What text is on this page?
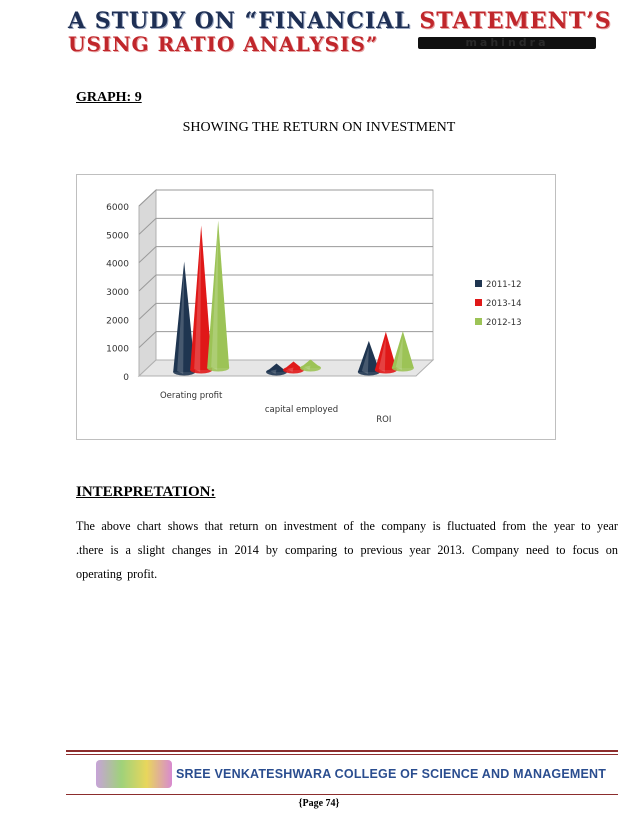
A STUDY ON “FINANCIAL STATEMENT’S
USING RATIO ANALYSIS”	mahindra
GRAPH: 9
SHOWING THE RETURN ON INVESTMENT
0
1000
2000
3000
4000
5000
6000
Oerating profit
capital employed
ROI
2011-12
2013-14
2012-13
INTERPRETATION:
The above chart shows that return on investment of the company is fluctuated from the year to year .there is a slight changes in 2014 by comparing to previous year 2013. Company need to focus on operating profit.
SREE VENKATESHWARA COLLEGE OF SCIENCE AND MANAGEMENT
{Page 74}
